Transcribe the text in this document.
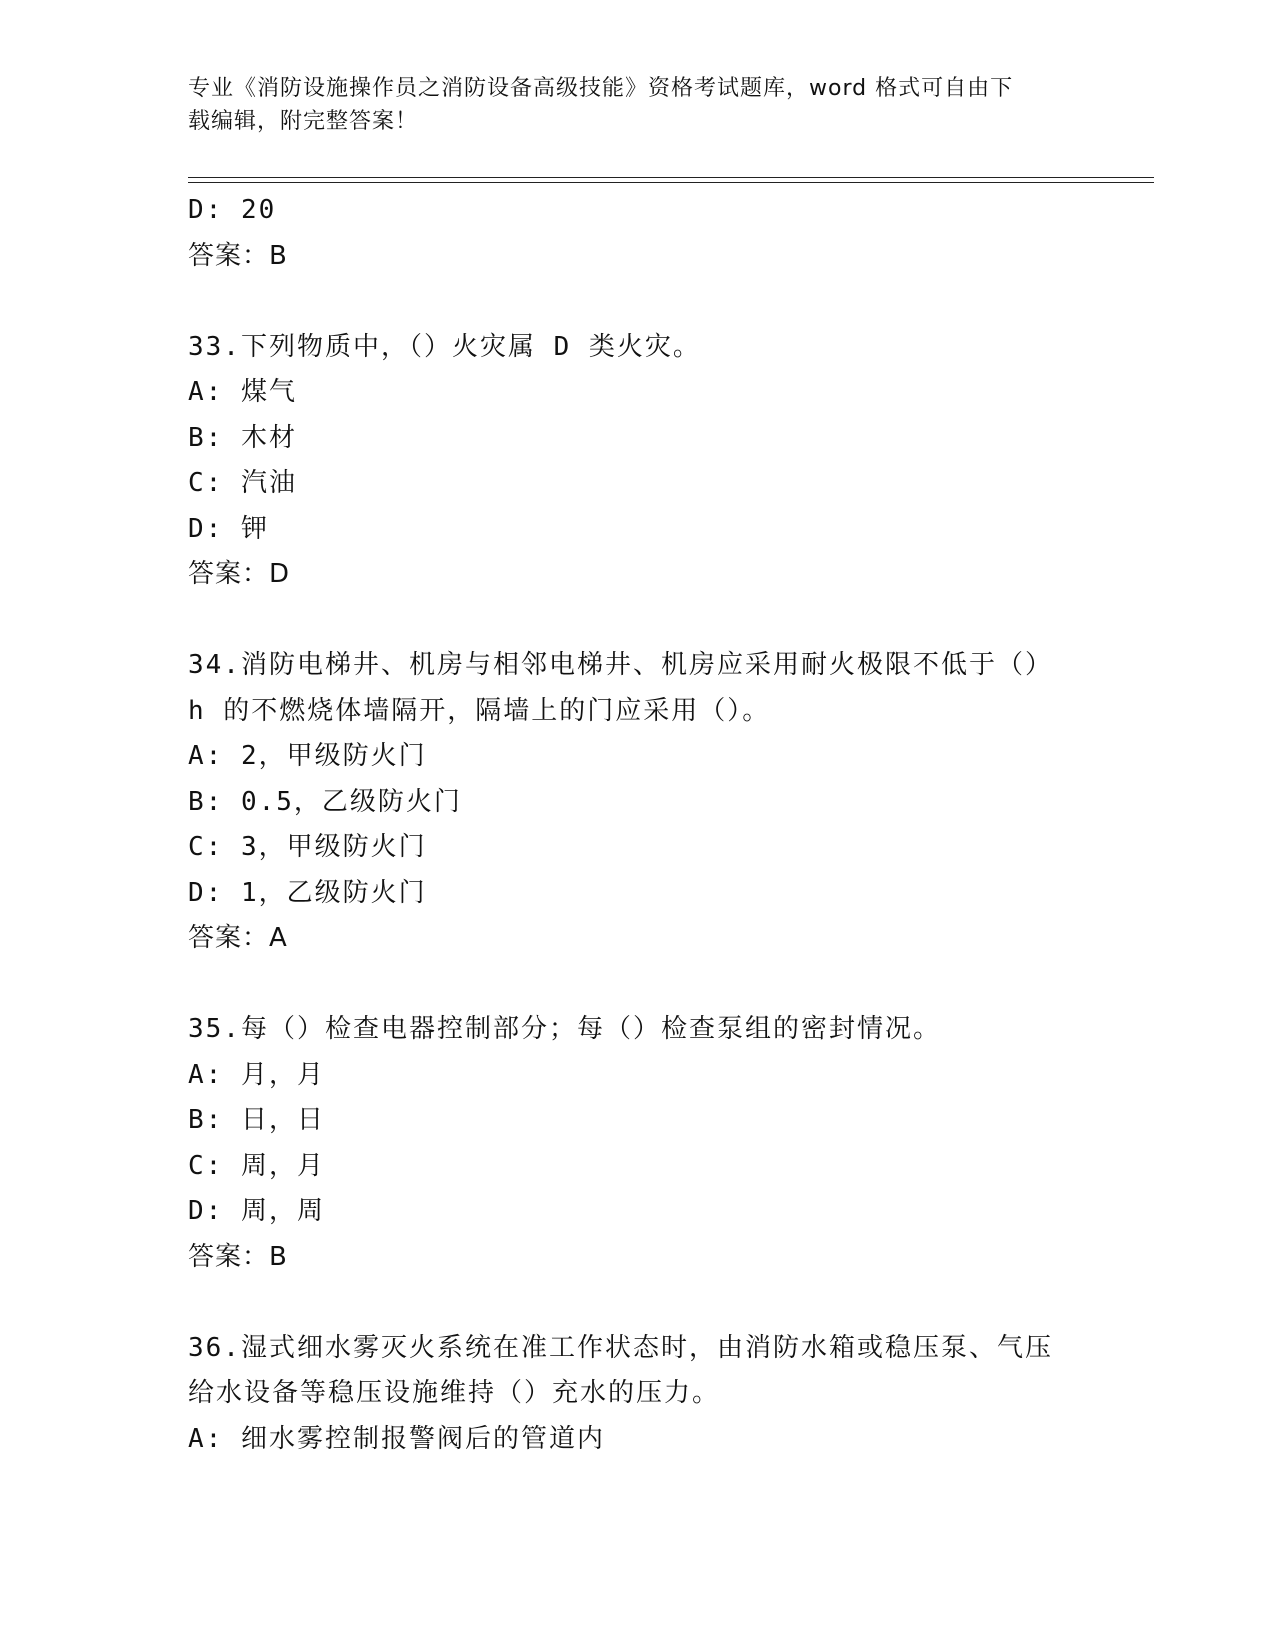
专业《消防设施操作员之消防设备高级技能》资格考试题库，word 格式可自由下
载编辑，附完整答案！
D: 20
答案：B
33.下列物质中，（）火灾属 D 类火灾。
A: 煤气
B: 木材
C: 汽油
D: 钾
答案：D
34.消防电梯井、机房与相邻电梯井、机房应采用耐火极限不低于（）
h 的不燃烧体墙隔开，隔墙上的门应采用（）。
A: 2，甲级防火门
B: 0.5，乙级防火门
C: 3，甲级防火门
D: 1，乙级防火门
答案：A
35.每（）检查电器控制部分；每（）检查泵组的密封情况。
A: 月，月
B: 日，日
C: 周，月
D: 周，周
答案：B
36.湿式细水雾灭火系统在准工作状态时，由消防水箱或稳压泵、气压
给水设备等稳压设施维持（）充水的压力。
A: 细水雾控制报警阀后的管道内
